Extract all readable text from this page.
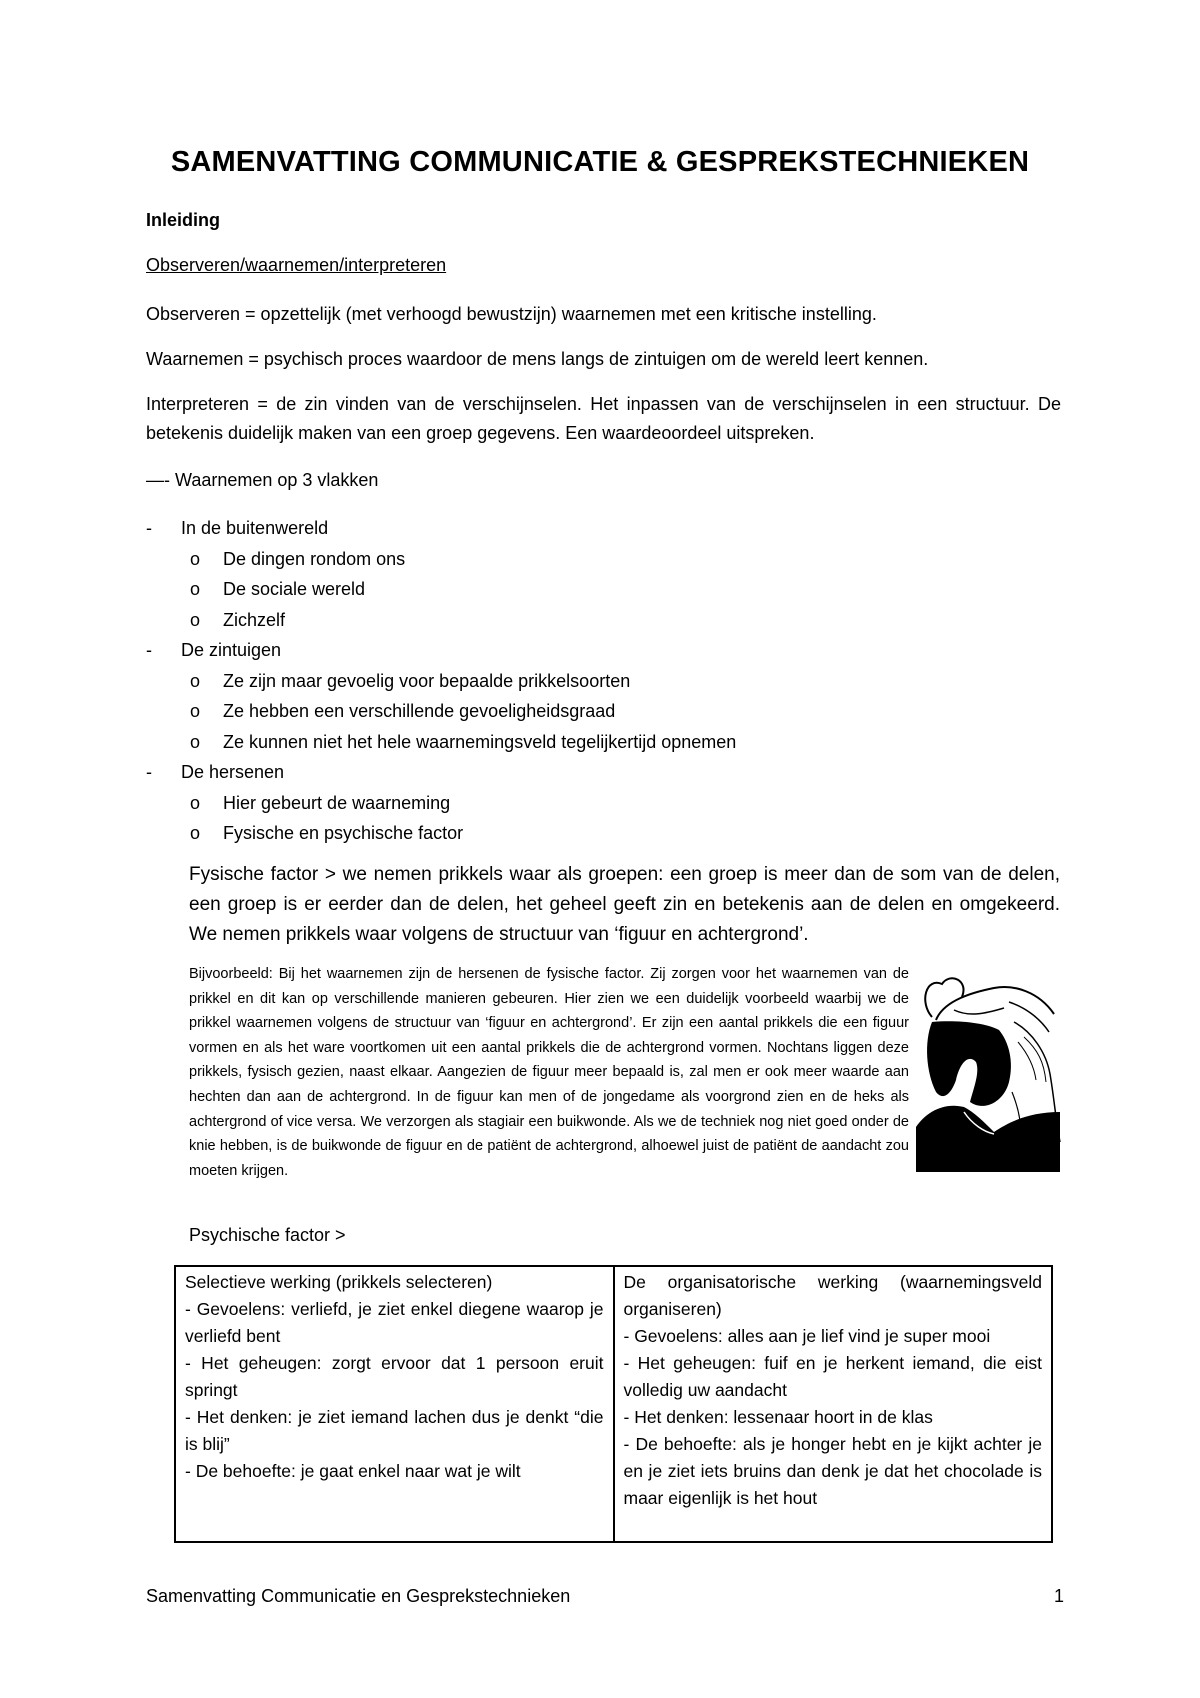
SAMENVATTING COMMUNICATIE & GESPREKSTECHNIEKEN
Inleiding
Observeren/waarnemen/interpreteren
Observeren = opzettelijk (met verhoogd bewustzijn) waarnemen met een kritische instelling.
Waarnemen = psychisch proces waardoor de mens langs de zintuigen om de wereld leert kennen.
Interpreteren = de zin vinden van de verschijnselen. Het inpassen van de verschijnselen in een structuur. De betekenis duidelijk maken van een groep gegevens. Een waardeoordeel uitspreken.
—- Waarnemen op 3 vlakken
- In de buitenwereld
o De dingen rondom ons
o De sociale wereld
o Zichzelf
- De zintuigen
o Ze zijn maar gevoelig voor bepaalde prikkelsoorten
o Ze hebben een verschillende gevoeligheidsgraad
o Ze kunnen niet het hele waarnemingsveld tegelijkertijd opnemen
- De hersenen
o Hier gebeurt de waarneming
o Fysische en psychische factor
Fysische factor > we nemen prikkels waar als groepen: een groep is meer dan de som van de delen, een groep is er eerder dan de delen, het geheel geeft zin en betekenis aan de delen en omgekeerd. We nemen prikkels waar volgens de structuur van ‘figuur en achtergrond’.
Bijvoorbeeld: Bij het waarnemen zijn de hersenen de fysische factor. Zij zorgen voor het waarnemen van de prikkel en dit kan op verschillende manieren gebeuren. Hier zien we een duidelijk voorbeeld waarbij we de prikkel waarnemen volgens de structuur van ‘figuur en achtergrond’. Er zijn een aantal prikkels die een figuur vormen en als het ware voortkomen uit een aantal prikkels die de achtergrond vormen. Nochtans liggen deze prikkels, fysisch gezien, naast elkaar. Aangezien de figuur meer bepaald is, zal men er ook meer waarde aan hechten dan aan de achtergrond. In de figuur kan men of de jongedame als voorgrond zien en de heks als achtergrond of vice versa. We verzorgen als stagiair een buikwonde. Als we de techniek nog niet goed onder de knie hebben, is de buikwonde de figuur en de patiënt de achtergrond, alhoewel juist de patiënt de aandacht zou moeten krijgen.
Psychische factor >
Selectieve werking (prikkels selecteren)
- Gevoelens: verliefd, je ziet enkel diegene waarop je verliefd bent
- Het geheugen: zorgt ervoor dat 1 persoon eruit springt
- Het denken: je ziet iemand lachen dus je denkt “die is blij”
- De behoefte: je gaat enkel naar wat je wilt

De organisatorische werking (waarnemingsveld organiseren)
- Gevoelens: alles aan je lief vind je super mooi
- Het geheugen: fuif en je herkent iemand, die eist volledig uw aandacht
- Het denken: lessenaar hoort in de klas
- De behoefte: als je honger hebt en je kijkt achter je en je ziet iets bruins dan denk je dat het chocolade is maar eigenlijk is het hout
Samenvatting Communicatie en Gesprekstechnieken	1
